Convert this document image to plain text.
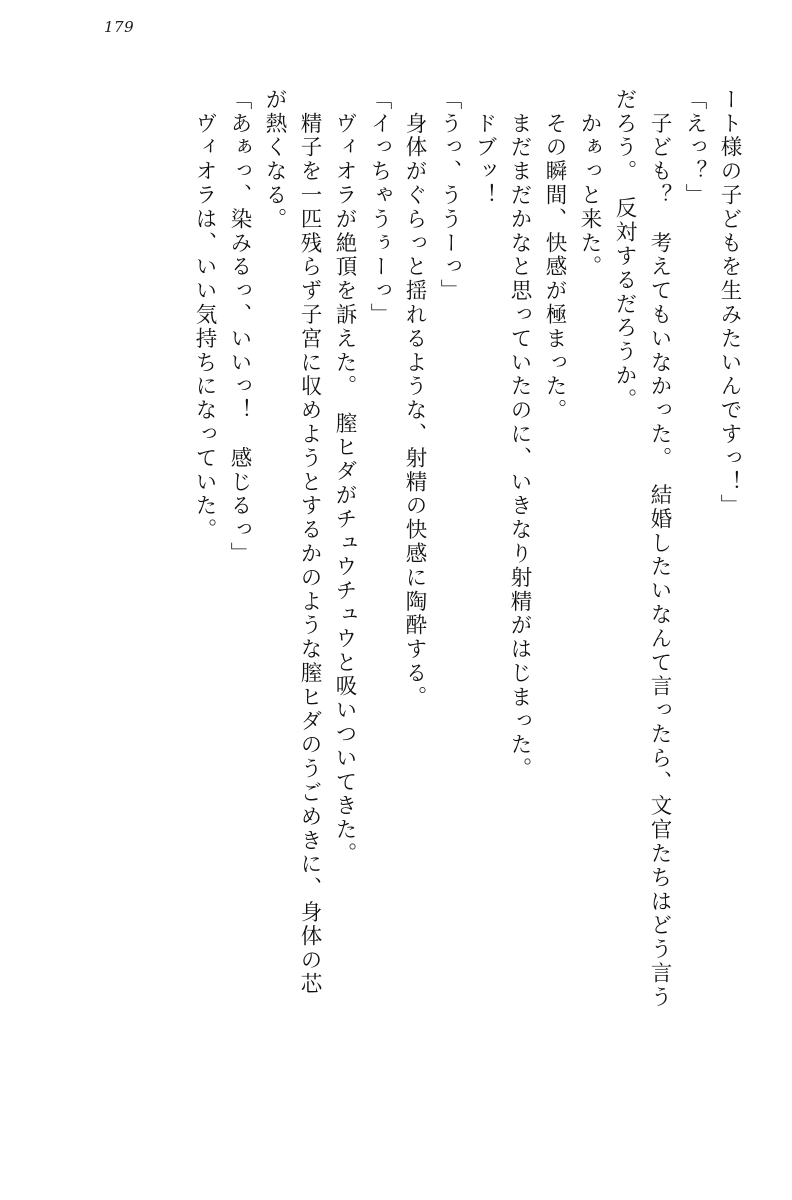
179
ート様の子どもを生みたいんですっ！」
「えっ？」
　子ども？　考えてもいなかった。　結婚したいなんて言ったら、文官たちはどう言う
だろう。　反対するだろうか。
　かぁっと来た。
　その瞬間、快感が極まった。
　まだまだかなと思っていたのに、いきなり射精がはじまった。
　ドブッ！
「うっ、ううーっ」
　身体がぐらっと揺れるような、射精の快感に陶酔する。
「イっちゃうぅーっ」
　ヴィオラが絶頂を訴えた。　膣ヒダがチュウチュウと吸いついてきた。
　精子を一匹残らず子宮に収めようとするかのような膣ヒダのうごめきに、身体の芯
が熱くなる。
「あぁっ、染みるっ、いいっ！　感じるっ」
　ヴィオラは、いい気持ちになっていた。
